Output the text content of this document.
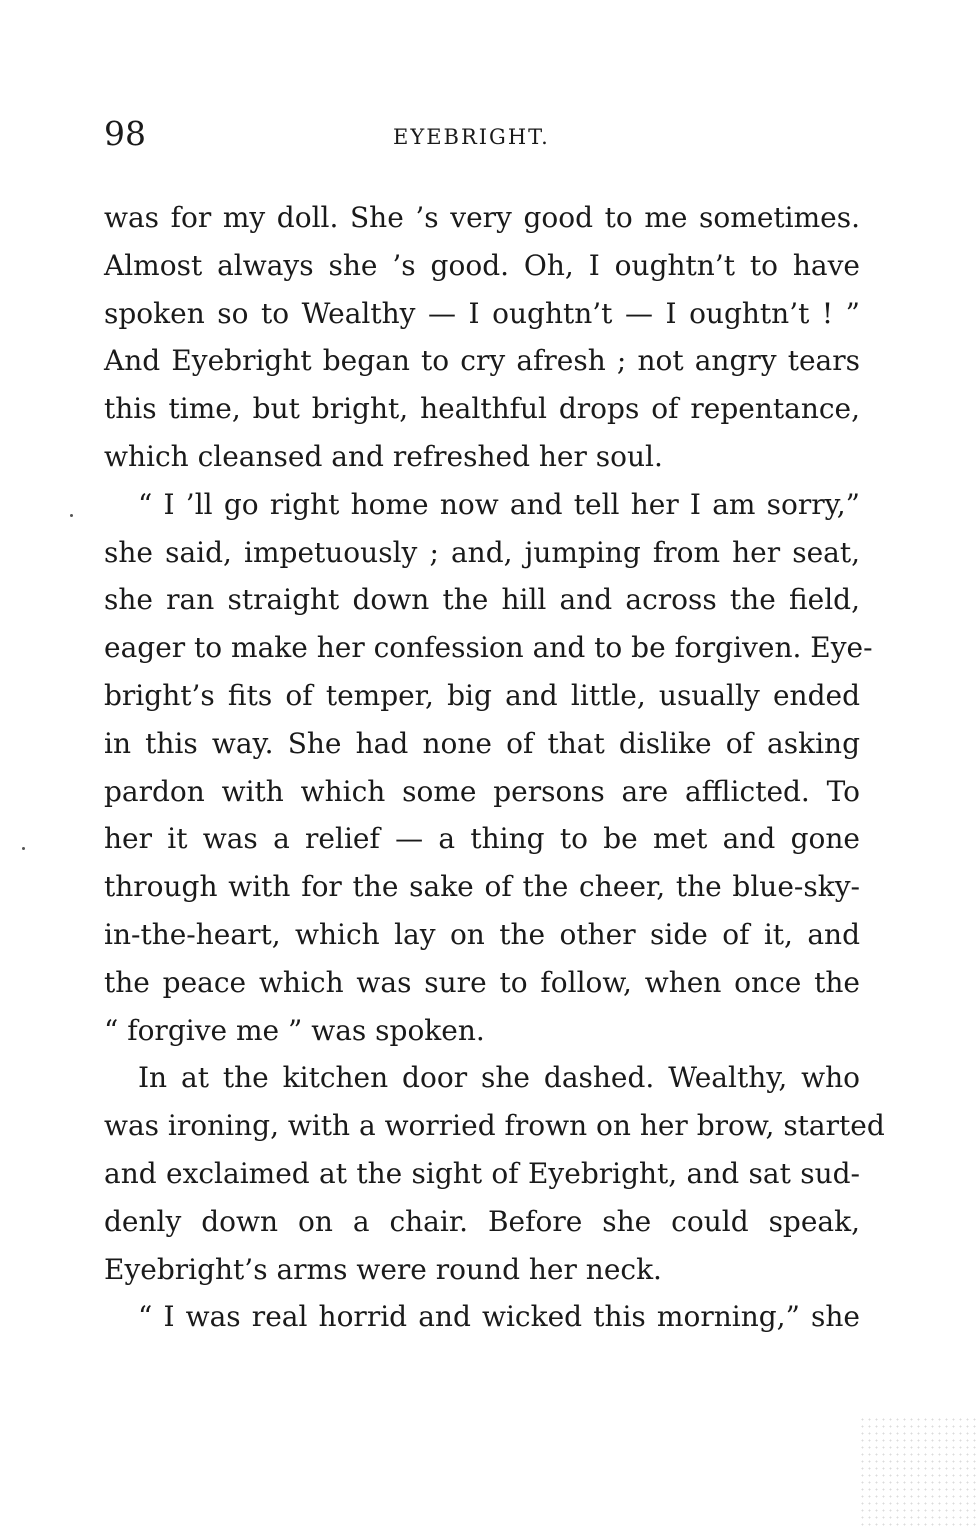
98	EYEBRIGHT.
was for my doll. She ’s very good to me sometimes.
Almost always she ’s good. Oh, I oughtn’t to have
spoken so to Wealthy — I oughtn’t — I oughtn’t ! ”
And Eyebright began to cry afresh ; not angry tears
this time, but bright, healthful drops of repentance,
which cleansed and refreshed her soul.
“ I ’ll go right home now and tell her I am sorry,”
she said, impetuously ; and, jumping from her seat,
she ran straight down the hill and across the field,
eager to make her confession and to be forgiven. Eye-
bright’s fits of temper, big and little, usually ended
in this way. She had none of that dislike of asking
pardon with which some persons are afflicted. To
her it was a relief — a thing to be met and gone
through with for the sake of the cheer, the blue-sky-
in-the-heart, which lay on the other side of it, and
the peace which was sure to follow, when once the
“ forgive me ” was spoken.
In at the kitchen door she dashed. Wealthy, who
was ironing, with a worried frown on her brow, started
and exclaimed at the sight of Eyebright, and sat sud-
denly down on a chair. Before she could speak,
Eyebright’s arms were round her neck.
“ I was real horrid and wicked this morning,” she
